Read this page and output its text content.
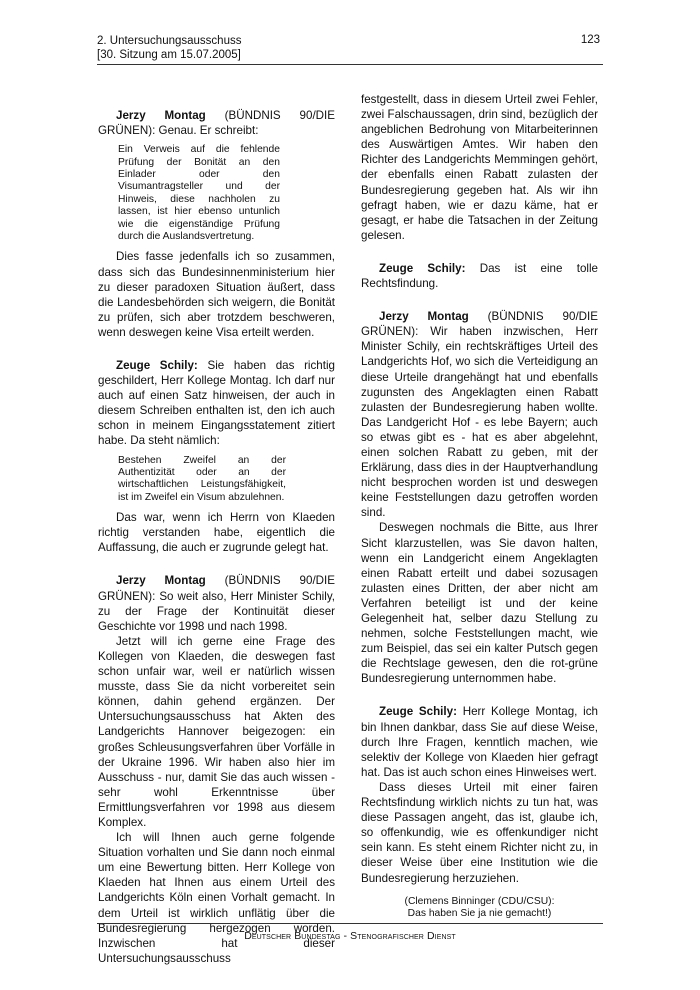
2. Untersuchungsausschuss
[30. Sitzung am 15.07.2005]
123

Jerzy Montag (BÜNDNIS 90/DIE GRÜNEN): Genau. Er schreibt:

Ein Verweis auf die fehlende Prüfung der Bonität an den Einlader oder den Visumantragsteller und der Hinweis, diese nachholen zu lassen, ist hier ebenso untunlich wie die eigenständige Prüfung durch die Auslandsvertretung.

Dies fasse jedenfalls ich so zusammen, dass sich das Bundesinnenministerium hier zu dieser paradoxen Situation äußert, dass die Landesbehörden sich weigern, die Bonität zu prüfen, sich aber trotzdem beschweren, wenn deswegen keine Visa erteilt werden.

Zeuge Schily: Sie haben das richtig geschildert, Herr Kollege Montag. Ich darf nur auch auf einen Satz hinweisen, der auch in diesem Schreiben enthalten ist, den ich auch schon in meinem Eingangsstatement zitiert habe. Da steht nämlich:

Bestehen Zweifel an der Authentizität oder an der wirtschaftlichen Leistungsfähigkeit, ist im Zweifel ein Visum abzulehnen.

Das war, wenn ich Herrn von Klaeden richtig verstanden habe, eigentlich die Auffassung, die auch er zugrunde gelegt hat.

Jerzy Montag (BÜNDNIS 90/DIE GRÜNEN): So weit also, Herr Minister Schily, zu der Frage der Kontinuität dieser Geschichte vor 1998 und nach 1998.

Jetzt will ich gerne eine Frage des Kollegen von Klaeden, die deswegen fast schon unfair war, weil er natürlich wissen musste, dass Sie da nicht vorbereitet sein können, dahin gehend ergänzen. Der Untersuchungsausschuss hat Akten des Landgerichts Hannover beigezogen: ein großes Schleusungsverfahren über Vorfälle in der Ukraine 1996. Wir haben also hier im Ausschuss - nur, damit Sie das auch wissen - sehr wohl Erkenntnisse über Ermittlungsverfahren vor 1998 aus diesem Komplex.

Ich will Ihnen auch gerne folgende Situation vorhalten und Sie dann noch einmal um eine Bewertung bitten. Herr Kollege von Klaeden hat Ihnen aus einem Urteil des Landgerichts Köln einen Vorhalt gemacht. In dem Urteil ist wirklich unflätig über die Bundesregierung hergezogen worden. Inzwischen hat dieser Untersuchungsausschuss

festgestellt, dass in diesem Urteil zwei Fehler, zwei Falschaussagen, drin sind, bezüglich der angeblichen Bedrohung von Mitarbeiterinnen des Auswärtigen Amtes. Wir haben den Richter des Landgerichts Memmingen gehört, der ebenfalls einen Rabatt zulasten der Bundesregierung gegeben hat. Als wir ihn gefragt haben, wie er dazu käme, hat er gesagt, er habe die Tatsachen in der Zeitung gelesen.

Zeuge Schily: Das ist eine tolle Rechtsfindung.

Jerzy Montag (BÜNDNIS 90/DIE GRÜNEN): Wir haben inzwischen, Herr Minister Schily, ein rechtskräftiges Urteil des Landgerichts Hof, wo sich die Verteidigung an diese Urteile drangehängt hat und ebenfalls zugunsten des Angeklagten einen Rabatt zulasten der Bundesregierung haben wollte. Das Landgericht Hof - es lebe Bayern; auch so etwas gibt es - hat es aber abgelehnt, einen solchen Rabatt zu geben, mit der Erklärung, dass dies in der Hauptverhandlung nicht besprochen worden ist und deswegen keine Feststellungen dazu getroffen worden sind.

Deswegen nochmals die Bitte, aus Ihrer Sicht klarzustellen, was Sie davon halten, wenn ein Landgericht einem Angeklagten einen Rabatt erteilt und dabei sozusagen zulasten eines Dritten, der aber nicht am Verfahren beteiligt ist und der keine Gelegenheit hat, selber dazu Stellung zu nehmen, solche Feststellungen macht, wie zum Beispiel, das sei ein kalter Putsch gegen die Rechtslage gewesen, den die rot-grüne Bundesregierung unternommen habe.

Zeuge Schily: Herr Kollege Montag, ich bin Ihnen dankbar, dass Sie auf diese Weise, durch Ihre Fragen, kenntlich machen, wie selektiv der Kollege von Klaeden hier gefragt hat. Das ist auch schon eines Hinweises wert.

Dass dieses Urteil mit einer fairen Rechtsfindung wirklich nichts zu tun hat, was diese Passagen angeht, das ist, glaube ich, so offenkundig, wie es offenkundiger nicht sein kann. Es steht einem Richter nicht zu, in dieser Weise über eine Institution wie die Bundesregierung herzuziehen.

(Clemens Binninger (CDU/CSU):
Das haben Sie ja nie gemacht!)
Deutscher Bundestag - Stenografischer Dienst
